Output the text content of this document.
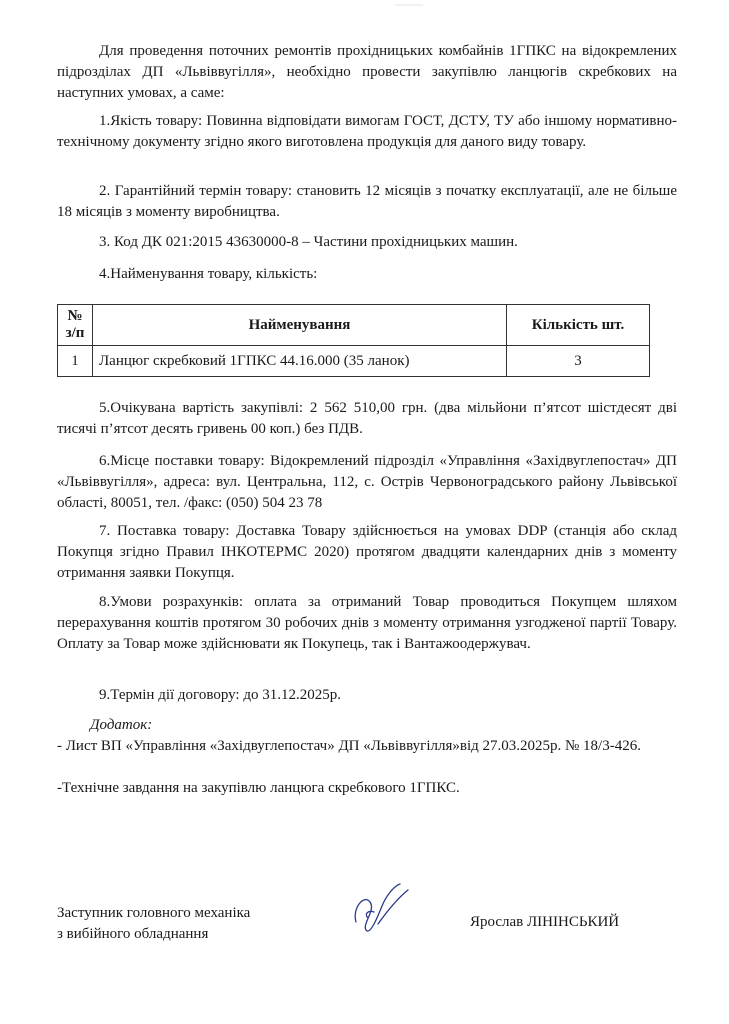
Для проведення поточних ремонтів прохідницьких комбайнів 1ГПКС на відокремлених підрозділах ДП «Львіввугілля», необхідно провести закупівлю ланцюгів скребкових на наступних умовах, а саме:

1.Якість товару: Повинна відповідати вимогам ГОСТ, ДСТУ, ТУ або іншому нормативно-технічному документу згідно якого виготовлена продукція для даного виду товару.

2. Гарантійний термін товару: становить 12 місяців з початку експлуатації, але не більше 18 місяців з моменту виробництва.

3. Код ДК 021:2015 43630000-8 – Частини прохідницьких машин.

4.Найменування товару, кількість:

№ з/п	Найменування	Кількість шт.
1	Ланцюг скребковий 1ГПКС 44.16.000 (35 ланок)	3

5.Очікувана вартість закупівлі: 2 562 510,00 грн. (два мільйони п’ятсот шістдесят дві тисячі п’ятсот десять гривень 00 коп.) без ПДВ.

6.Місце поставки товару: Відокремлений підрозділ «Управління «Західвуглепостач» ДП «Львіввугілля», адреса: вул. Центральна, 112, с. Острів Червоноградського району Львівської області, 80051, тел. /факс: (050) 504 23 78

7. Поставка товару: Доставка Товару здійснюється на умовах DDP (станція або склад Покупця згідно Правил ІНКОТЕРМС 2020) протягом двадцяти календарних днів з моменту отримання заявки Покупця.

8.Умови розрахунків: оплата за отриманий Товар проводиться Покупцем шляхом перерахування коштів протягом 30 робочих днів з моменту отримання узгодженої партії Товару. Оплату за Товар може здійснювати як Покупець, так і Вантажоодержувач.

9.Термін дії договору: до 31.12.2025р.

Додаток:

- Лист ВП «Управління «Західвуглепостач» ДП «Львіввугілля»від 27.03.2025р. № 18/3-426.

-Технічне завдання на закупівлю ланцюга скребкового 1ГПКС.

Заступник головного механіка
з вибійного обладнання
Ярослав ЛІНІНСЬКИЙ
